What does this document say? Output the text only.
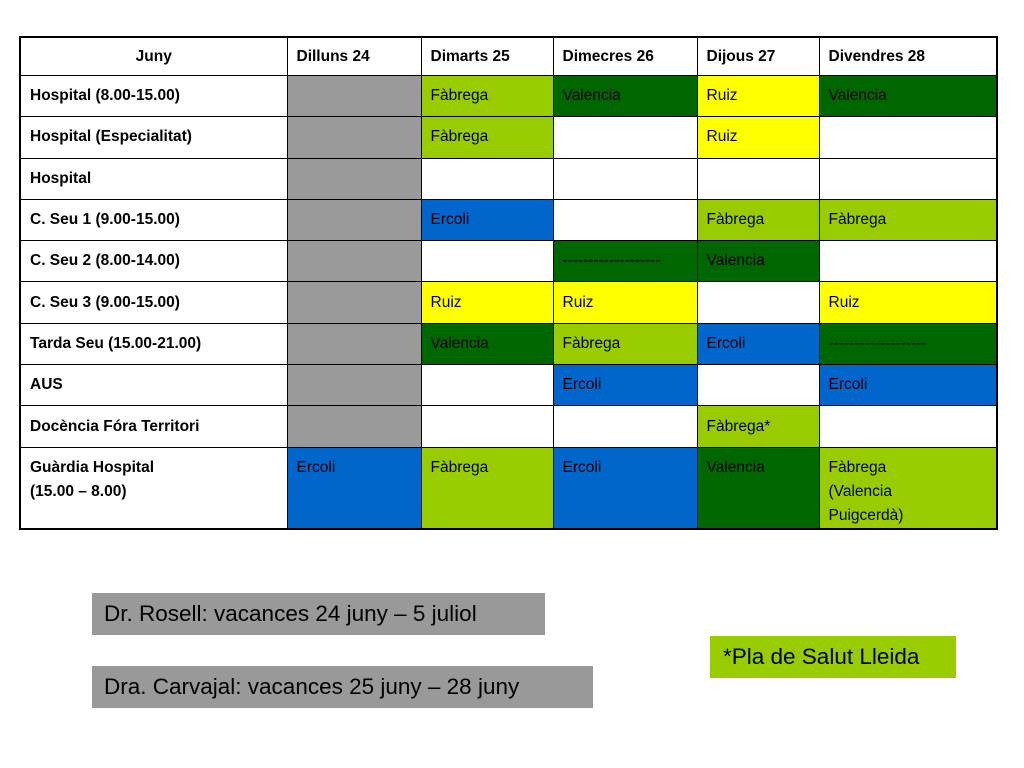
Juny	Dilluns 24	Dimarts 25	Dimecres 26	Dijous 27	Divendres 28
Hospital (8.00-15.00)		Fàbrega	Valencia	Ruiz	Valencia
Hospital (Especialitat)		Fàbrega		Ruiz	
Hospital					
C. Seu 1 (9.00-15.00)		Ercoli		Fàbrega	Fàbrega
C. Seu 2 (8.00-14.00)			-------------------	Valencia	
C. Seu 3 (9.00-15.00)		Ruiz	Ruiz		Ruiz
Tarda Seu (15.00-21.00)		Valencia	Fàbrega	Ercoli	-------------------
AUS			Ercoli		Ercoli
Docència Fóra Territori				Fàbrega*	

Guàrdia Hospital
(15.00 – 8.00)	Ercoli	Fàbrega	Ercoli	Valencia	Fàbrega
(Valencia
Puigcerdà)
Dr. Rosell: vacances 24 juny – 5 juliol
Dra. Carvajal: vacances 25 juny – 28 juny
*Pla de Salut Lleida
